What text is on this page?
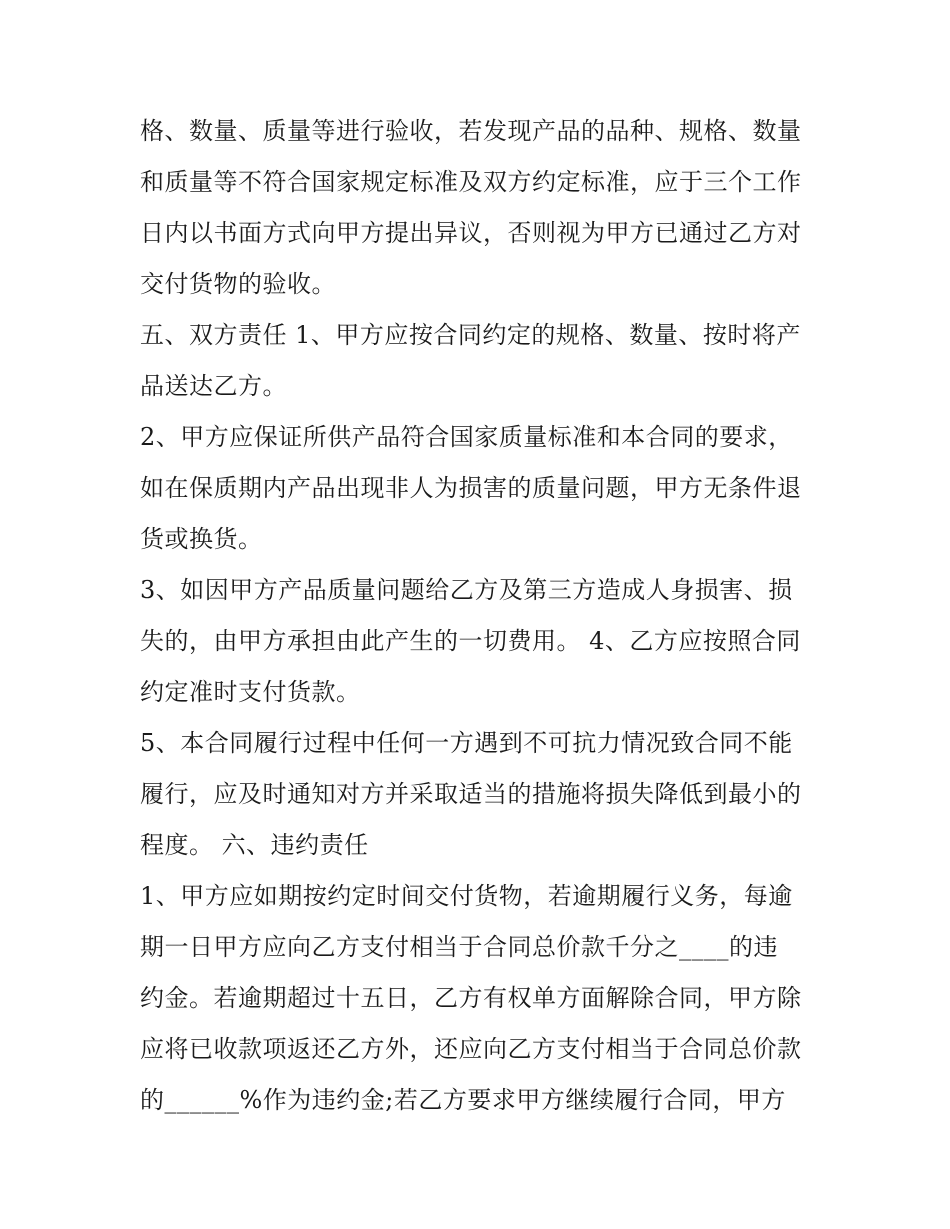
格、数量、质量等进行验收，若发现产品的品种、规格、数量
和质量等不符合国家规定标准及双方约定标准，应于三个工作
日内以书面方式向甲方提出异议，否则视为甲方已通过乙方对
交付货物的验收。
五、双方责任 1、甲方应按合同约定的规格、数量、按时将产
品送达乙方。
2、甲方应保证所供产品符合国家质量标准和本合同的要求，
如在保质期内产品出现非人为损害的质量问题，甲方无条件退
货或换货。
3、如因甲方产品质量问题给乙方及第三方造成人身损害、损
失的，由甲方承担由此产生的一切费用。 4、乙方应按照合同
约定准时支付货款。
5、本合同履行过程中任何一方遇到不可抗力情况致合同不能
履行，应及时通知对方并采取适当的措施将损失降低到最小的
程度。 六、违约责任
1、甲方应如期按约定时间交付货物，若逾期履行义务，每逾
期一日甲方应向乙方支付相当于合同总价款千分之____的违
约金。若逾期超过十五日，乙方有权单方面解除合同，甲方除
应将已收款项返还乙方外，还应向乙方支付相当于合同总价款
的______%作为违约金;若乙方要求甲方继续履行合同，甲方
